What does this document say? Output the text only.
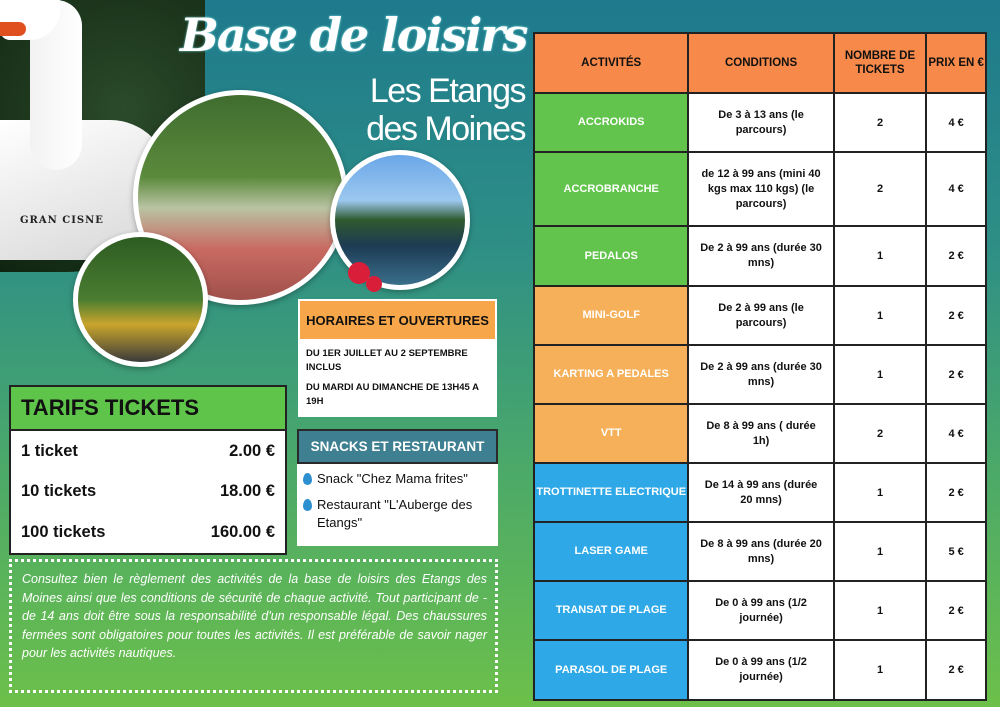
GRAN CISNE
Base de loisirs
Les Etangs des Moines
HORAIRES ET OUVERTURES

DU 1ER JUILLET AU 2 SEPTEMBRE INCLUS

DU MARDI AU DIMANCHE DE 13H45 A 19H

SNACKS ET RESTAURANT
Snack "Chez Mama frites"
Restaurant "L'Auberge des Etangs"
TARIFS TICKETS
1 ticket	2.00 €
10 tickets	18.00 €
100 tickets	160.00 €
Consultez bien le règlement des activités de la base de loisirs des Etangs des Moines ainsi que les conditions de sécurité de chaque activité. Tout participant de -de 14 ans doit être sous la responsabilité d'un responsable légal. Des chaussures fermées sont obligatoires pour toutes les activités. Il est préférable de savoir nager pour les activités nautiques.
ACTIVITÉS	CONDITIONS	NOMBRE DE TICKETS	PRIX EN €
ACCROKIDS	De 3 à 13 ans (le parcours)	2	4 €
ACCROBRANCHE	de 12 à 99 ans (mini 40 kgs max 110 kgs) (le parcours)	2	4 €
PEDALOS	De 2 à 99 ans (durée 30 mns)	1	2 €
MINI-GOLF	De 2 à 99 ans (le parcours)	1	2 €
KARTING A PEDALES	De 2 à 99 ans (durée 30 mns)	1	2 €
VTT	De 8 à 99 ans ( durée 1h)	2	4 €
TROTTINETTE ELECTRIQUE	De 14 à 99 ans (durée 20 mns)	1	2 €
LASER GAME	De 8 à 99 ans (durée 20 mns)	1	5 €
TRANSAT DE PLAGE	De 0 à 99 ans (1/2 journée)	1	2 €
PARASOL DE PLAGE	De 0 à 99 ans (1/2 journée)	1	2 €
